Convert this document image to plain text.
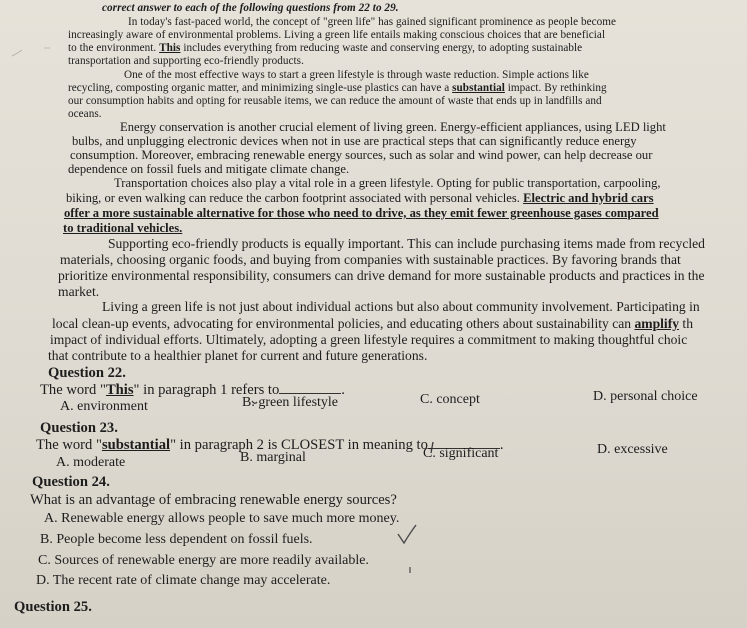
correct answer to each of the following questions from 22 to 29.
In today's fast-paced world, the concept of "green life" has gained significant prominence as people become
increasingly aware of environmental problems. Living a green life entails making conscious choices that are beneficial
to the environment. This includes everything from reducing waste and conserving energy, to adopting sustainable
transportation and supporting eco-friendly products.
One of the most effective ways to start a green lifestyle is through waste reduction. Simple actions like
recycling, composting organic matter, and minimizing single-use plastics can have a substantial impact. By rethinking
our consumption habits and opting for reusable items, we can reduce the amount of waste that ends up in landfills and
oceans.
Energy conservation is another crucial element of living green. Energy-efficient appliances, using LED light
bulbs, and unplugging electronic devices when not in use are practical steps that can significantly reduce energy
consumption. Moreover, embracing renewable energy sources, such as solar and wind power, can help decrease our
dependence on fossil fuels and mitigate climate change.
Transportation choices also play a vital role in a green lifestyle. Opting for public transportation, carpooling,
biking, or even walking can reduce the carbon footprint associated with personal vehicles. Electric and hybrid cars
offer a more sustainable alternative for those who need to drive, as they emit fewer greenhouse gases compared
to traditional vehicles.
Supporting eco-friendly products is equally important. This can include purchasing items made from recycled
materials, choosing organic foods, and buying from companies with sustainable practices. By favoring brands that
prioritize environmental responsibility, consumers can drive demand for more sustainable products and practices in the
market.
Living a green life is not just about individual actions but also about community involvement. Participating in
local clean-up events, advocating for environmental policies, and educating others about sustainability can amplify th
impact of individual efforts. Ultimately, adopting a green lifestyle requires a commitment to making thoughtful choic
that contribute to a healthier planet for current and future generations.
Question 22.
The word "This" in paragraph 1 refers to	.
A. environment	B. green lifestyle	C. concept	D. personal choice
Question 23.
The word "substantial" in paragraph 2 is CLOSEST in meaning to	.
A. moderate	B. marginal	C. significant	D. excessive
Question 24.
What is an advantage of embracing renewable energy sources?
A. Renewable energy allows people to save much more money.
B. People become less dependent on fossil fuels.
C. Sources of renewable energy are more readily available.
D. The recent rate of climate change may accelerate.
Question 25.
